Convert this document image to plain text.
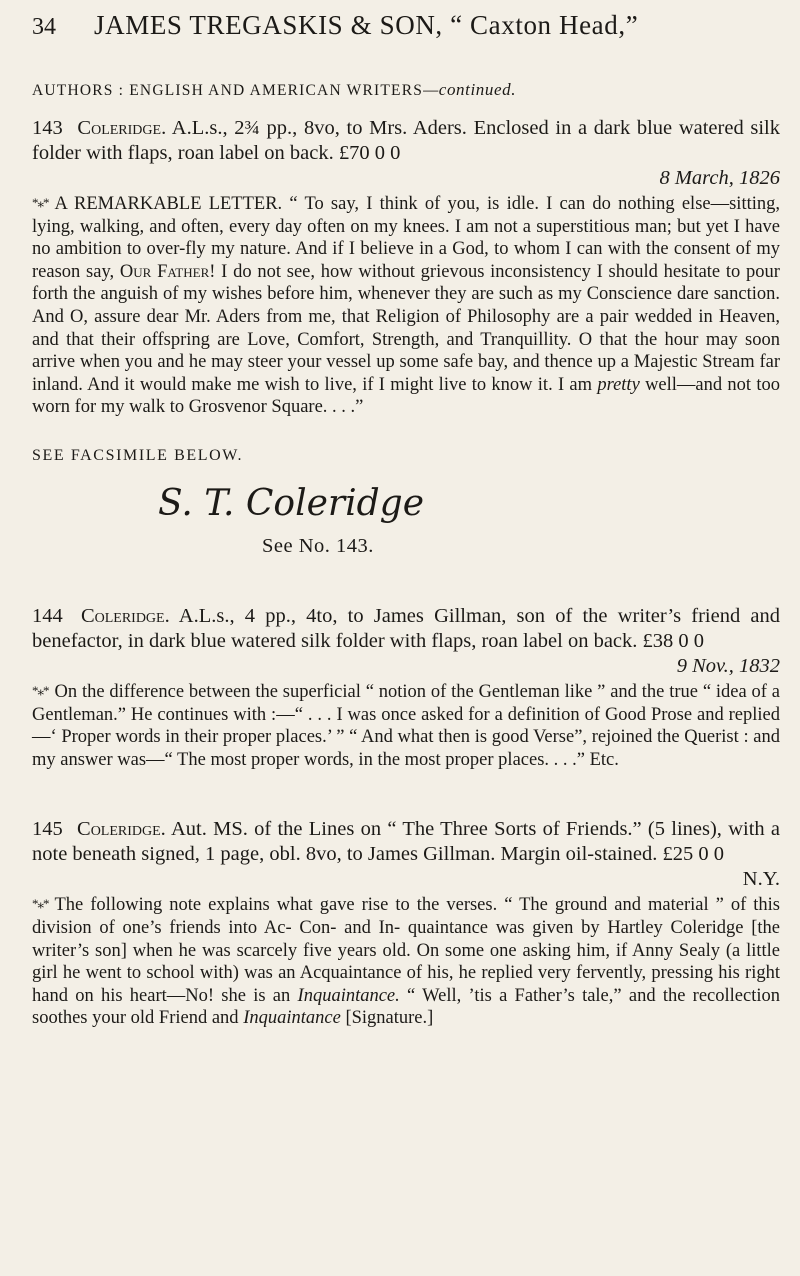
34	JAMES TREGASKIS & SON, “ Caxton Head,”
AUTHORS : ENGLISH AND AMERICAN WRITERS—continued.
143 Coleridge. A.L.s., 2¾ pp., 8vo, to Mrs. Aders. Enclosed in a dark blue watered silk folder with flaps, roan label on back. £70 0 0
8 March, 1826
*⁎* A REMARKABLE LETTER. “ To say, I think of you, is idle. I can do nothing else—sitting, lying, walking, and often, every day often on my knees. I am not a superstitious man; but yet I have no ambition to over-fly my nature. And if I believe in a God, to whom I can with the consent of my reason say, Our Father! I do not see, how without grievous inconsistency I should hesitate to pour forth the anguish of my wishes before him, whenever they are such as my Conscience dare sanction. And O, assure dear Mr. Aders from me, that Religion of Philosophy are a pair wedded in Heaven, and that their offspring are Love, Comfort, Strength, and Tranquillity. O that the hour may soon arrive when you and he may steer your vessel up some safe bay, and thence up a Majestic Stream far inland. And it would make me wish to live, if I might live to know it. I am pretty well—and not too worn for my walk to Grosvenor Square. . . .”
SEE FACSIMILE BELOW.
S. T. Coleridge
See No. 143.
144 Coleridge. A.L.s., 4 pp., 4to, to James Gillman, son of the writer’s friend and benefactor, in dark blue watered silk folder with flaps, roan label on back. £38 0 0
9 Nov., 1832
*⁎* On the difference between the superficial “ notion of the Gentleman like ” and the true “ idea of a Gentleman.” He continues with :—“ . . . I was once asked for a definition of Good Prose and replied—‘ Proper words in their proper places.’ ” “ And what then is good Verse”, rejoined the Querist : and my answer was—“ The most proper words, in the most proper places. . . .” Etc.
145 Coleridge. Aut. MS. of the Lines on “ The Three Sorts of Friends.” (5 lines), with a note beneath signed, 1 page, obl. 8vo, to James Gillman. Margin oil-stained. £25 0 0
N.Y.
*⁎* The following note explains what gave rise to the verses. “ The ground and material ” of this division of one’s friends into Ac- Con- and In- quaintance was given by Hartley Coleridge [the writer’s son] when he was scarcely five years old. On some one asking him, if Anny Sealy (a little girl he went to school with) was an Acquaintance of his, he replied very fervently, pressing his right hand on his heart—No! she is an Inquaintance. “ Well, ’tis a Father’s tale,” and the recollection soothes your old Friend and Inquaintance [Signature.]
